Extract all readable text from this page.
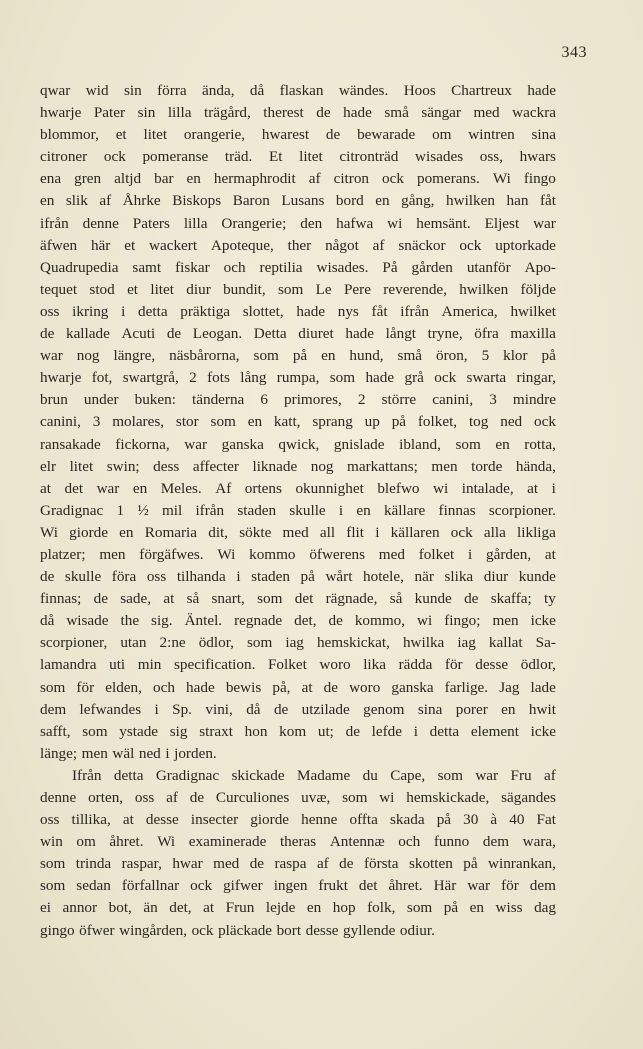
343
qwar wid sin förra ända, då flaskan wändes. Hoos Chartreux hade
hwarje Pater sin lilla trägård, therest de hade små sängar med wackra
blommor, et litet orangerie, hwarest de bewarade om wintren sina
citroner ock pomeranse träd. Et litet citronträd wisades oss, hwars
ena gren altjd bar en hermaphrodit af citron ock pomerans. Wi fingo
en slik af Åhrke Biskops Baron Lusans bord en gång, hwilken han fåt
ifrån denne Paters lilla Orangerie; den hafwa wi hemsänt. Eljest war
äfwen här et wackert Apoteque, ther något af snäckor ock uptorkade
Quadrupedia samt fiskar och reptilia wisades. På gården utanför Apo-
tequet stod et litet diur bundit, som Le Pere reverende, hwilken följde
oss ikring i detta präktiga slottet, hade nys fåt ifrån America, hwilket
de kallade Acuti de Leogan. Detta diuret hade långt tryne, öfra maxilla
war nog längre, näsbårorna, som på en hund, små öron, 5 klor på
hwarje fot, swartgrå, 2 fots lång rumpa, som hade grå ock swarta ringar,
brun under buken: tänderna 6 primores, 2 större canini, 3 mindre
canini, 3 molares, stor som en katt, sprang up på folket, tog ned ock
ransakade fickorna, war ganska qwick, gnislade ibland, som en rotta,
elr litet swin; dess affecter liknade nog markattans; men torde hända,
at det war en Meles. Af ortens okunnighet blefwo wi intalade, at i
Gradignac 1 ½ mil ifrån staden skulle i en källare finnas scorpioner.
Wi giorde en Romaria dit, sökte med all flit i källaren ock alla likliga
platzer; men förgäfwes. Wi kommo öfwerens med folket i gården, at
de skulle föra oss tilhanda i staden på wårt hotele, när slika diur kunde
finnas; de sade, at så snart, som det rägnade, så kunde de skaffa; ty
då wisade the sig. Äntel. regnade det, de kommo, wi fingo; men icke
scorpioner, utan 2:ne ödlor, som iag hemskickat, hwilka iag kallat Sa-
lamandra uti min specification. Folket woro lika rädda för desse ödlor,
som för elden, och hade bewis på, at de woro ganska farlige. Jag lade
dem lefwandes i Sp. vini, då de utzilade genom sina porer en hwit
safft, som ystade sig straxt hon kom ut; de lefde i detta element icke
länge; men wäl ned i jorden.
Ifrån detta Gradignac skickade Madame du Cape, som war Fru af
denne orten, oss af de Curculiones uvæ, som wi hemskickade, sägandes
oss tillika, at desse insecter giorde henne offta skada på 30 à 40 Fat
win om åhret. Wi examinerade theras Antennæ och funno dem wara,
som trinda raspar, hwar med de raspa af de första skotten på winrankan,
som sedan förfallnar ock gifwer ingen frukt det åhret. Här war för dem
ei annor bot, än det, at Frun lejde en hop folk, som på en wiss dag
gingo öfwer wingården, ock pläckade bort desse gyllende odiur.
